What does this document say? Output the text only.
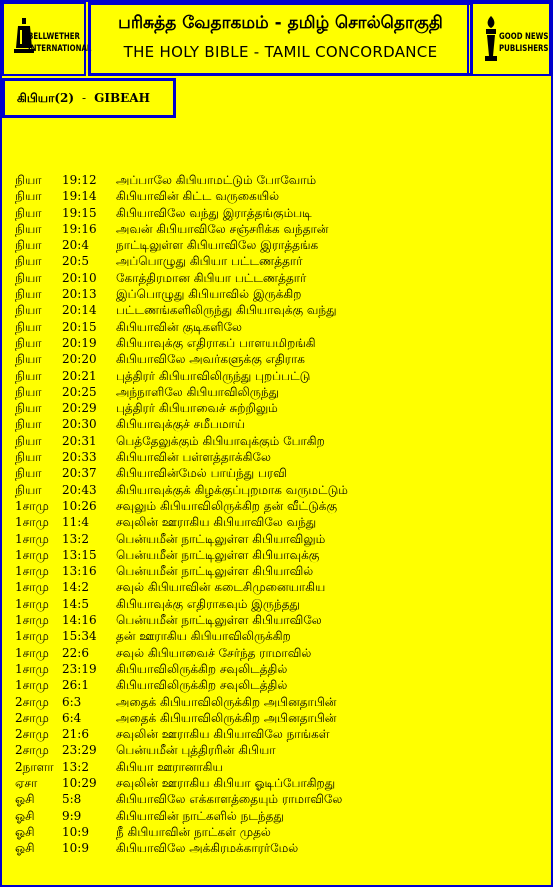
BELLWETHER
INTERNATIONAL
பரிசுத்த வேதாகமம் - தமிழ் சொல்தொகுதி
THE HOLY BIBLE - TAMIL CONCORDANCE
GOOD NEWS
PUBLISHERS
கிபியா(2) - GIBEAH
நியா 19:12 அப்பாலே கிபியாமட்டும் போவோம்
நியா 19:14 கிபியாவின் கிட்ட வருகையில்
நியா 19:15 கிபியாவிலே வந்து இராத்தங்கும்படி
நியா 19:16 அவன் கிபியாவிலே சஞ்சரிக்க வந்தான்
நியா 20:4 நாட்டிலுள்ள கிபியாவிலே இராத்தங்க
நியா 20:5 அப்பொழுது கிபியா பட்டணத்தார்
நியா 20:10 கோத்திரமான கிபியா பட்டணத்தார்
நியா 20:13 இப்பொழுது கிபியாவில் இருக்கிற
நியா 20:14 பட்டணங்களிலிருந்து கிபியாவுக்கு வந்து
நியா 20:15 கிபியாவின் குடிகளிலே
நியா 20:19 கிபியாவுக்கு எதிராகப் பாளயமிறங்கி
நியா 20:20 கிபியாவிலே அவர்களுக்கு எதிராக
நியா 20:21 புத்திரர் கிபியாவிலிருந்து புறப்பட்டு
நியா 20:25 அந்நாளிலே கிபியாவிலிருந்து
நியா 20:29 புத்திரர் கிபியாவைச் சுற்றிலும்
நியா 20:30 கிபியாவுக்குச் சமீபமாய்
நியா 20:31 பெத்தேலுக்கும் கிபியாவுக்கும் போகிற
நியா 20:33 கிபியாவின் பள்ளத்தாக்கிலே
நியா 20:37 கிபியாவின்மேல் பாய்ந்து பரவி
நியா 20:43 கிபியாவுக்குக் கிழக்குப்புறமாக வருமட்டும்
1சாமு 10:26 சவுலும் கிபியாவிலிருக்கிற தன் வீட்டுக்கு
1சாமு 11:4 சவுலின் ஊராகிய கிபியாவிலே வந்து
1சாமு 13:2 பென்யமீன் நாட்டிலுள்ள கிபியாவிலும்
1சாமு 13:15 பென்யமீன் நாட்டிலுள்ள கிபியாவுக்கு
1சாமு 13:16 பென்யமீன் நாட்டிலுள்ள கிபியாவில்
1சாமு 14:2 சவுல் கிபியாவின் கடைசிமுனையாகிய
1சாமு 14:5 கிபியாவுக்கு எதிராகவும் இருந்தது
1சாமு 14:16 பென்யமீன் நாட்டிலுள்ள கிபியாவிலே
1சாமு 15:34 தன் ஊராகிய கிபியாவிலிருக்கிற
1சாமு 22:6 சவுல் கிபியாவைச் சேர்ந்த ராமாவில்
1சாமு 23:19 கிபியாவிலிருக்கிற சவுலிடத்தில்
1சாமு 26:1 கிபியாவிலிருக்கிற சவுலிடத்தில்
2சாமு 6:3	அதைக் கிபியாவிலிருக்கிற அபினதாபின்
2சாமு 6:4	அதைக் கிபியாவிலிருக்கிற அபினதாபின்
2சாமு 21:6 சவுலின் ஊராகிய கிபியாவிலே நாங்கள்
2சாமு 23:29 பென்யமீன் புத்திரரின் கிபியா
2நாளா 13:2 கிபியா ஊரானாகிய
ஏசா 10:29 சவுலின் ஊராகிய கிபியா ஓடிப்போகிறது
ஓசி 5:8	கிபியாவிலே எக்காளத்தையும் ராமாவிலே
ஓசி 9:9	கிபியாவின் நாட்களில் நடந்தது
ஓசி 10:9 நீ கிபியாவின் நாட்கள் முதல்
ஓசி 10:9 கிபியாவிலே அக்கிரமக்காரர்மேல்
